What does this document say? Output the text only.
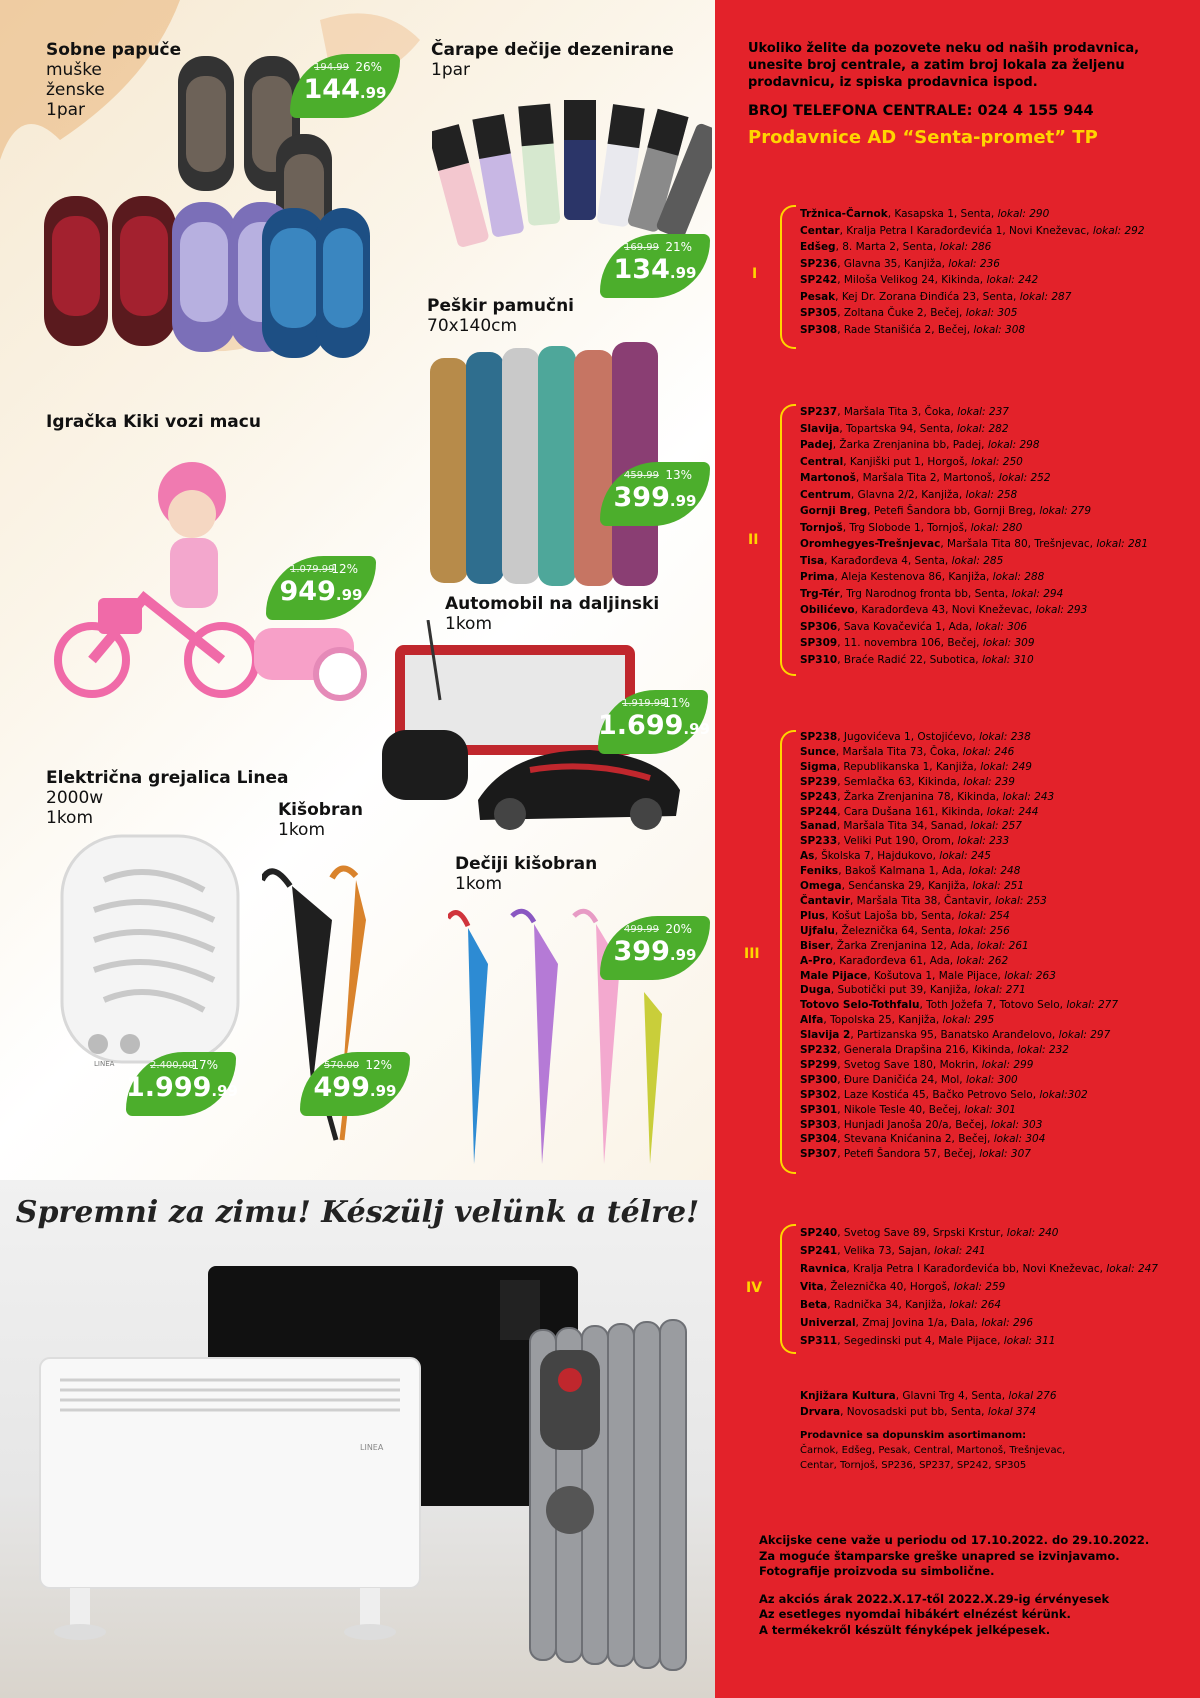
Sobne papuče
muške
ženske
1par
194.99 26%
144.99
Čarape dečije dezenirane
1par
169.99 21%
134.99
Peškir pamučni
70x140cm
459.99 13%
399.99
Igračka Kiki vozi macu
1.079.99
12%
949.99	Automobil na daljinski
1kom
1.919.99
11%
1.699.99
Električna grejalica Linea
2000w
1kom
LINEA	2.400,00
17%
1.999.99
Kišobran
1kom
570.00 12%
499.99
Dečiji kišobran
1kom
499.99 20%
399.99
LINEA
Spremni za zimu! Készülj velünk a télre!
Ukoliko želite da pozovete neku od naših prodavnica, unesite broj centrale, a zatim broj lokala za željenu prodavnicu, iz spiska prodavnica ispod.
BROJ TELEFONA CENTRALE: 024 4 155 944
Prodavnice AD “Senta-promet” TP
I
Tržnica-Čarnok, Kasapska 1, Senta, lokal: 290
Centar, Kralja Petra I Karađorđevića 1, Novi Kneževac, lokal: 292
Edšeg, 8. Marta 2, Senta, lokal: 286
SP236, Glavna 35, Kanjiža, lokal: 236
SP242, Miloša Velikog 24, Kikinda, lokal: 242
Pesak, Kej Dr. Zorana Đinđića 23, Senta, lokal: 287
SP305, Zoltana Čuke 2, Bečej, lokal: 305
SP308, Rade Stanišića 2, Bečej, lokal: 308
II
SP237, Maršala Tita 3, Čoka, lokal: 237
Slavija, Topartska 94, Senta, lokal: 282
Padej, Žarka Zrenjanina bb, Padej, lokal: 298
Central, Kanjiški put 1, Horgoš, lokal: 250
Martonoš, Maršala Tita 2, Martonoš, lokal: 252
Centrum, Glavna 2/2, Kanjiža, lokal: 258
Gornji Breg, Petefi Šandora bb, Gornji Breg, lokal: 279
Tornjoš, Trg Slobode 1, Tornjoš, lokal: 280
Oromhegyes-Trešnjevac, Maršala Tita 80, Trešnjevac, lokal: 281
Tisa, Karađorđeva 4, Senta, lokal: 285
Prima, Aleja Kestenova 86, Kanjiža, lokal: 288
Trg-Tér, Trg Narodnog fronta bb, Senta, lokal: 294
Obilićevo, Karađorđeva 43, Novi Kneževac, lokal: 293
SP306, Sava Kovačevića 1, Ada, lokal: 306
SP309, 11. novembra 106, Bečej, lokal: 309
SP310, Braće Radić 22, Subotica, lokal: 310
III
SP238, Jugovićeva 1, Ostojićevo, lokal: 238
Sunce, Maršala Tita 73, Čoka, lokal: 246
Sigma, Republikanska 1, Kanjiža, lokal: 249
SP239, Semlačka 63, Kikinda, lokal: 239
SP243, Žarka Zrenjanina 78, Kikinda, lokal: 243
SP244, Cara Dušana 161, Kikinda, lokal: 244
Sanad, Maršala Tita 34, Sanad, lokal: 257
SP233, Veliki Put 190, Orom, lokal: 233
As, Školska 7, Hajdukovo, lokal: 245
Feniks, Bakoš Kalmana 1, Ada, lokal: 248
Omega, Senćanska 29, Kanjiža, lokal: 251
Čantavir, Maršala Tita 38, Čantavir, lokal: 253
Plus, Košut Lajoša bb, Senta, lokal: 254
Ujfalu, Železnička 64, Senta, lokal: 256
Biser, Žarka Zrenjanina 12, Ada, lokal: 261
A-Pro, Karađorđeva 61, Ada, lokal: 262
Male Pijace, Košutova 1, Male Pijace, lokal: 263
Duga, Subotički put 39, Kanjiža, lokal: 271
Totovo Selo-Tothfalu, Toth Jožefa 7, Totovo Selo, lokal: 277
Alfa, Topolska 25, Kanjiža, lokal: 295
Slavija 2, Partizanska 95, Banatsko Aranđelovo, lokal: 297
SP232, Generala Drapšina 216, Kikinda, lokal: 232
SP299, Svetog Save 180, Mokrin, lokal: 299
SP300, Đure Daničića 24, Mol, lokal: 300
SP302, Laze Kostića 45, Bačko Petrovo Selo, lokal:302
SP301, Nikole Tesle 40, Bečej, lokal: 301
SP303, Hunjadi Janoša 20/a, Bečej, lokal: 303
SP304, Stevana Knićanina 2, Bečej, lokal: 304
SP307, Petefi Šandora 57, Bečej, lokal: 307
IV
SP240, Svetog Save 89, Srpski Krstur, lokal: 240
SP241, Velika 73, Sajan, lokal: 241
Ravnica, Kralja Petra I Karađorđevića bb, Novi Kneževac, lokal: 247
Vita, Železnička 40, Horgoš, lokal: 259
Beta, Radnička 34, Kanjiža, lokal: 264
Univerzal, Zmaj Jovina 1/a, Đala, lokal: 296
SP311, Segedinski put 4, Male Pijace, lokal: 311
Knjižara Kultura, Glavni Trg 4, Senta, lokal 276
Drvara, Novosadski put bb, Senta, lokal 374
Prodavnice sa dopunskim asortimanom:
Čarnok, Edšeg, Pesak, Central, Martonoš, Trešnjevac,
Centar, Tornjoš, SP236, SP237, SP242, SP305
Akcijske cene važe u periodu od 17.10.2022. do 29.10.2022.
Za moguće štamparske greške unapred se izvinjavamo.
Fotografije proizvoda su simbolične.
Az akciós árak 2022.X.17-től 2022.X.29-ig érvényesek
Az esetleges nyomdai hibákért elnézést kérünk.
A termékekről készült fényképek jelképesek.
